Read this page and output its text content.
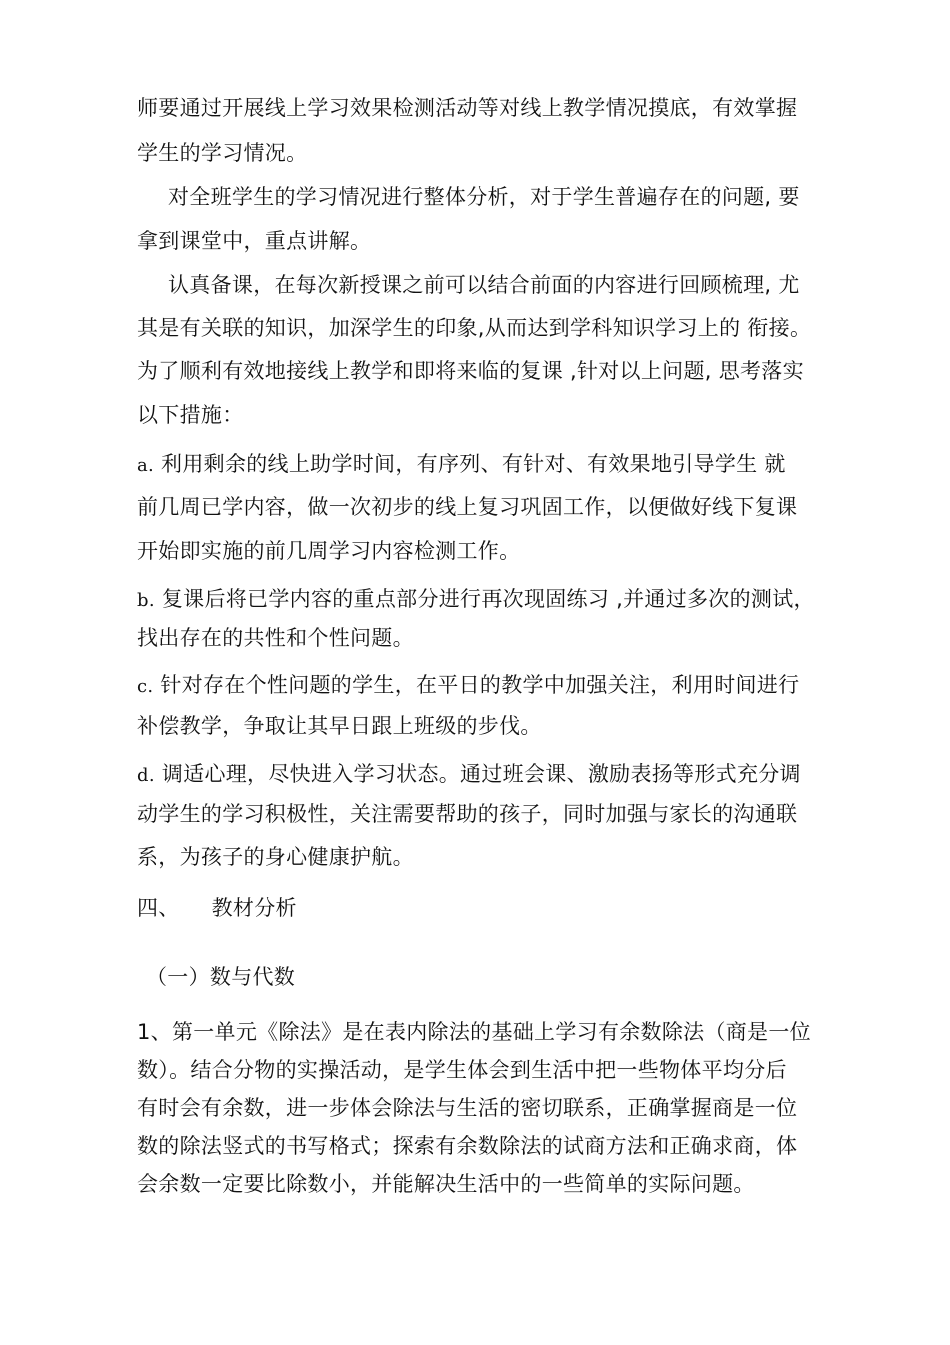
师要通过开展线上学习效果检测活动等对线上教学情况摸底，有效掌握
学生的学习情况。
对全班学生的学习情况进行整体分析，对于学生普遍存在的问题, 要
拿到课堂中，重点讲解。
认真备课，在每次新授课之前可以结合前面的内容进行回顾梳理, 尤
其是有关联的知识，加深学生的印象,从而达到学科知识学习上的 衔接。
为了顺利有效地接线上教学和即将来临的复课 ,针对以上问题, 思考落实
以下措施：
a. 利用剩余的线上助学时间，有序列、有针对、有效果地引导学生 就
前几周已学内容，做一次初步的线上复习巩固工作，以便做好线下复课
开始即实施的前几周学习内容检测工作。
b. 复课后将已学内容的重点部分进行再次现固练习 ,并通过多次的测试，
找出存在的共性和个性问题。
c. 针对存在个性问题的学生，在平日的教学中加强关注，利用时间进行
补偿教学，争取让其早日跟上班级的步伐。
d. 调适心理，尽快进入学习状态。通过班会课、激励表扬等形式充分调
动学生的学习积极性，关注需要帮助的孩子，同时加强与家长的沟通联
系，为孩子的身心健康护航。
四、 教材分析
（一）数与代数
1、第一单元《除法》是在表内除法的基础上学习有余数除法（商是一位
数）。结合分物的实操活动，是学生体会到生活中把一些物体平均分后
有时会有余数，进一步体会除法与生活的密切联系，正确掌握商是一位
数的除法竖式的书写格式；探索有余数除法的试商方法和正确求商，体
会余数一定要比除数小，并能解决生活中的一些简单的实际问题。
